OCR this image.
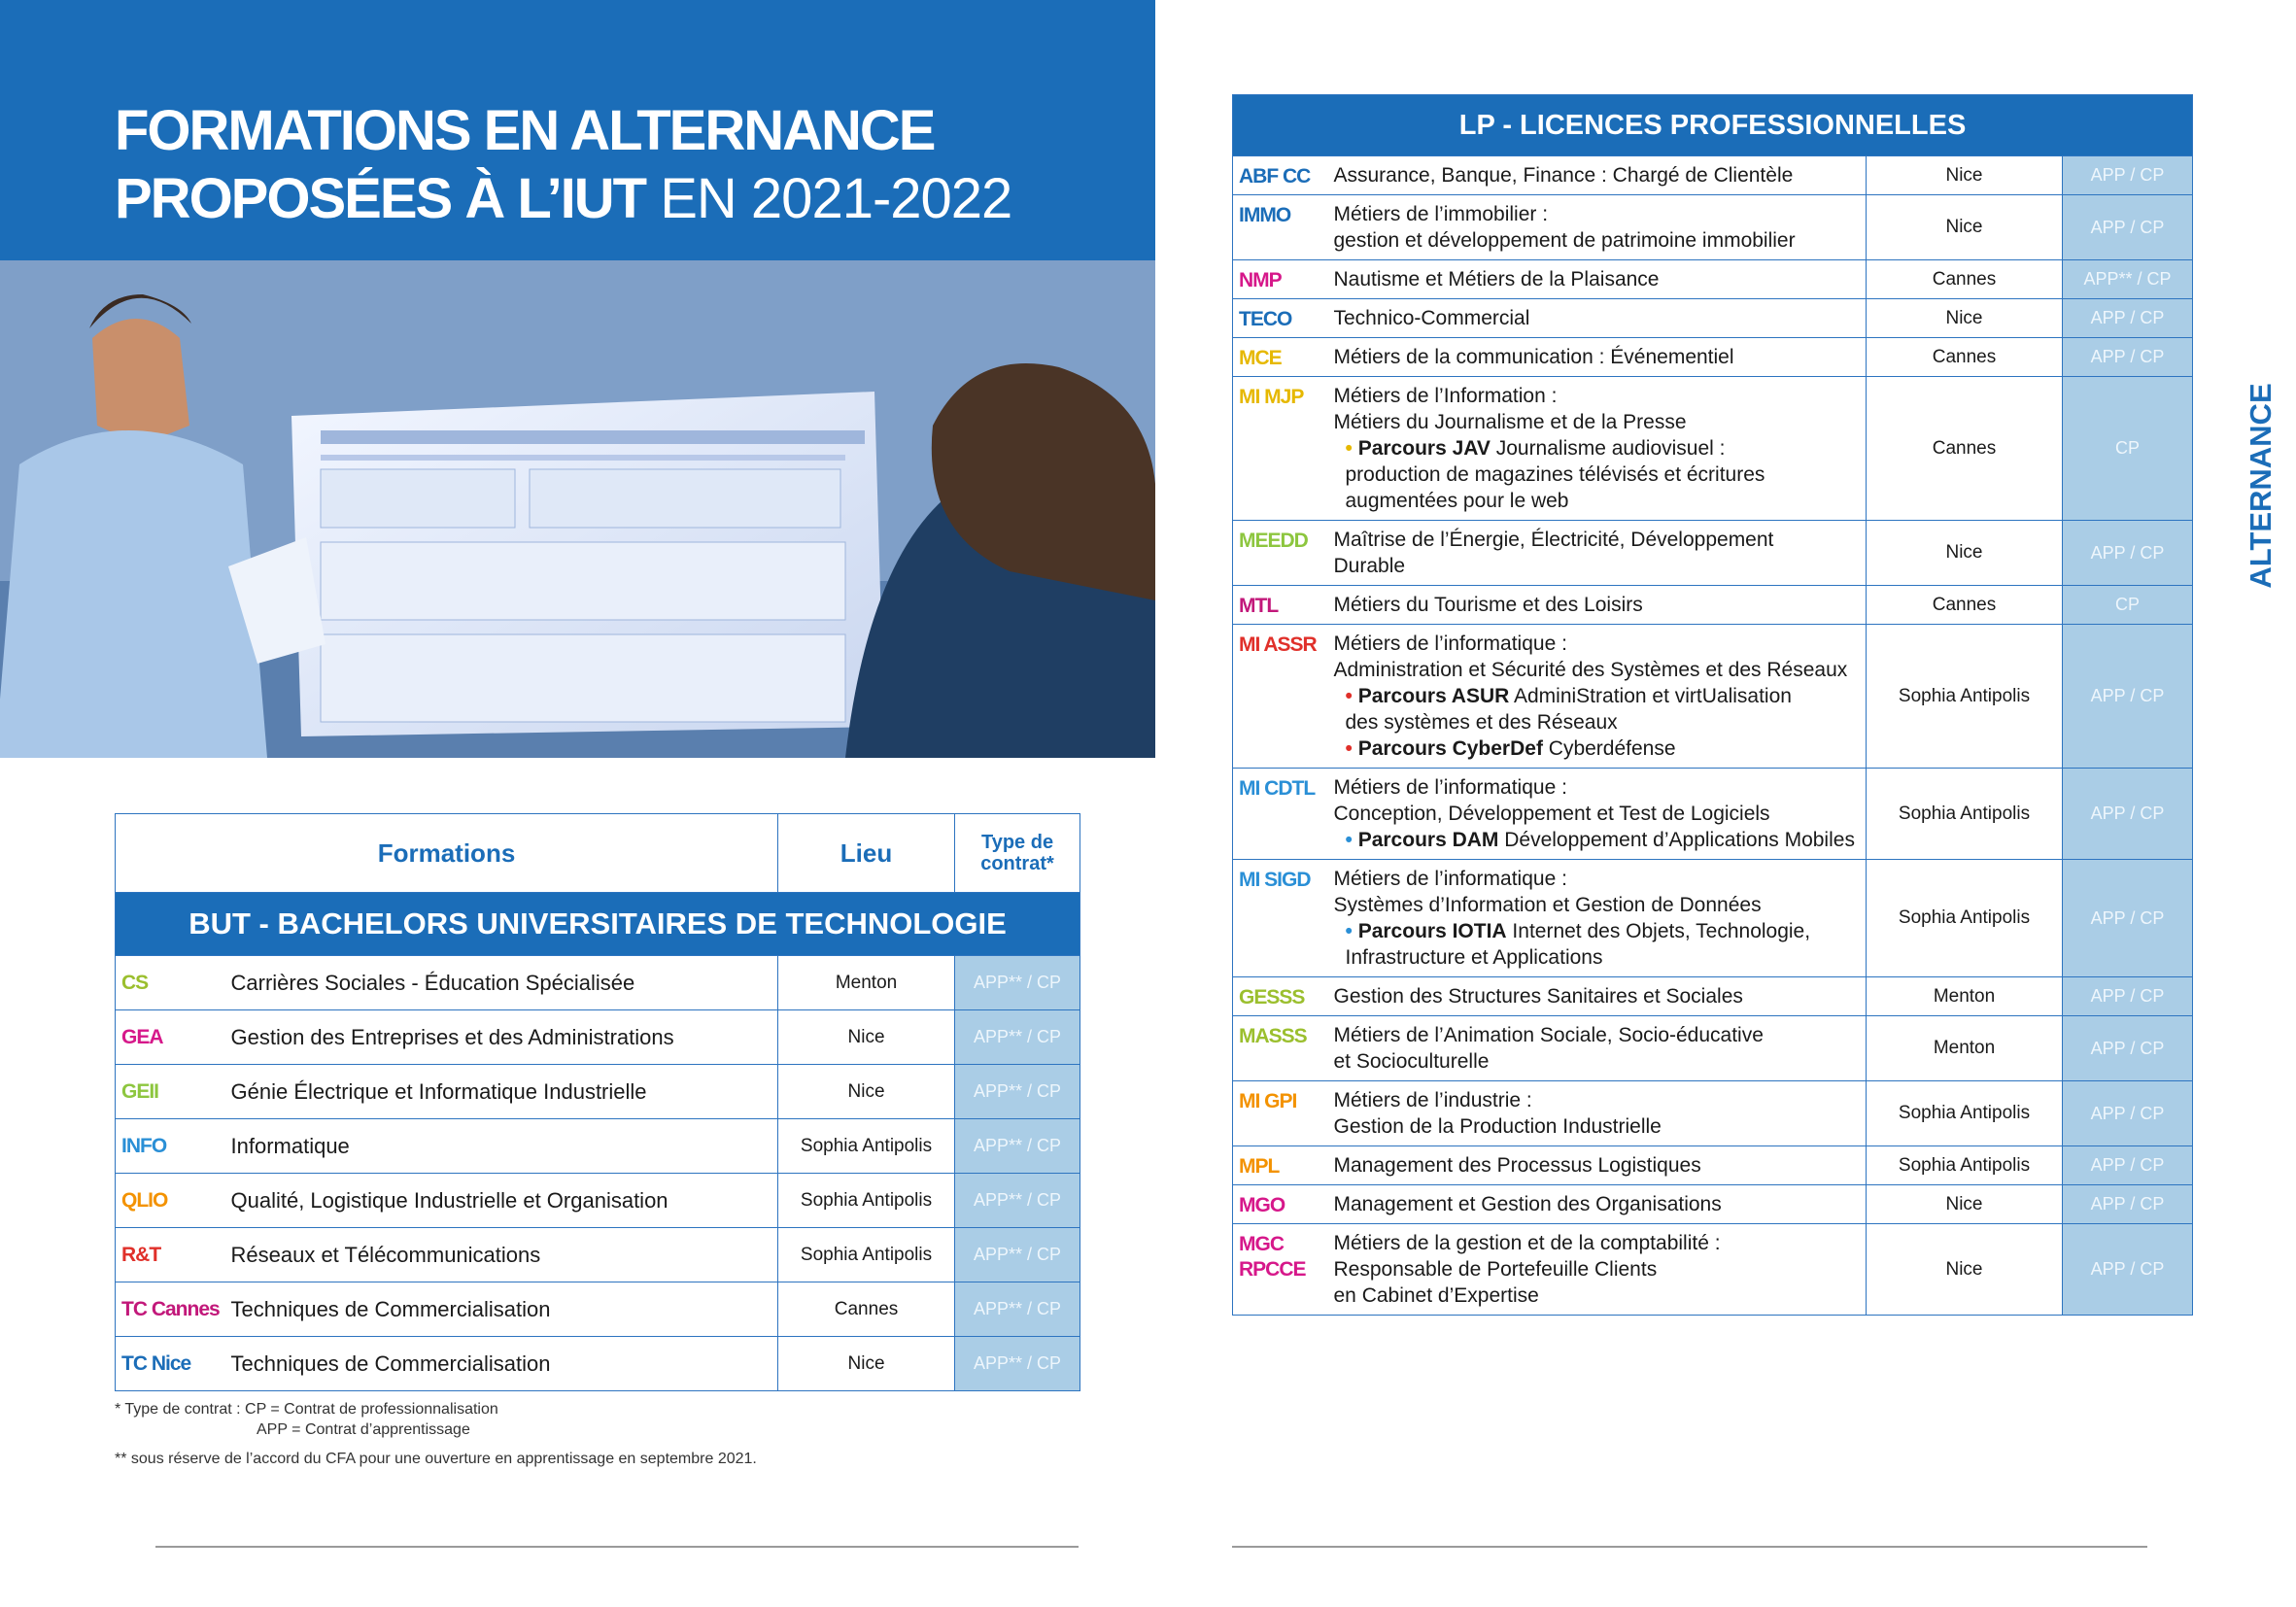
FORMATIONS EN ALTERNANCE
PROPOSÉES À L’IUT EN 2021-2022
Formations		Lieu	Type de
contrat*
BUT - BACHELORS UNIVERSITAIRES DE TECHNOLOGIE			
CS	Carrières Sociales - Éducation Spécialisée	Menton	APP** / CP
GEA	Gestion des Entreprises et des Administrations	Nice	APP** / CP
GEII	Génie Électrique et Informatique Industrielle	Nice	APP** / CP
INFO	Informatique	Sophia Antipolis	APP** / CP
QLIO	Qualité, Logistique Industrielle et Organisation	Sophia Antipolis	APP** / CP
R&T	Réseaux et Télécommunications	Sophia Antipolis	APP** / CP
TC Cannes	Techniques de Commercialisation	Cannes	APP** / CP
TC Nice	Techniques de Commercialisation	Nice	APP** / CP
LP - LICENCES PROFESSIONNELLES			
ABF CC	Assurance, Banque, Finance : Chargé de Clientèle	Nice	APP / CP
IMMO	Métiers de l’immobilier :
gestion et développement de patrimoine immobilier	Nice	APP / CP
NMP	Nautisme et Métiers de la Plaisance	Cannes	APP** / CP
TECO	Technico-Commercial	Nice	APP / CP
MCE	Métiers de la communication : Événementiel	Cannes	APP / CP
MI MJP	Métiers de l’Information :
Métiers du Journalisme et de la Presse
• Parcours JAV Journalisme audiovisuel :
production de magazines télévisés et écritures
augmentées pour le web	Cannes	CP
MEEDD	Maîtrise de l’Énergie, Électricité, Développement
Durable	Nice	APP / CP
MTL	Métiers du Tourisme et des Loisirs	Cannes	CP
MI ASSR	Métiers de l’informatique :
Administration et Sécurité des Systèmes et des Réseaux
• Parcours ASUR AdminiStration et virtUalisation
des systèmes et des Réseaux
• Parcours CyberDef Cyberdéfense	Sophia Antipolis	APP / CP
MI CDTL	Métiers de l’informatique :
Conception, Développement et Test de Logiciels
• Parcours DAM Développement d’Applications Mobiles	Sophia Antipolis	APP / CP
MI SIGD	Métiers de l’informatique :
Systèmes d’Information et Gestion de Données
• Parcours IOTIA Internet des Objets, Technologie,
Infrastructure et Applications	Sophia Antipolis	APP / CP
GESSS	Gestion des Structures Sanitaires et Sociales	Menton	APP / CP
MASSS	Métiers de l’Animation Sociale, Socio-éducative
et Socioculturelle	Menton	APP / CP
MI GPI	Métiers de l’industrie :
Gestion de la Production Industrielle	Sophia Antipolis	APP / CP
MPL	Management des Processus Logistiques	Sophia Antipolis	APP / CP
MGO	Management et Gestion des Organisations	Nice	APP / CP
MGC RPCCE	Métiers de la gestion et de la comptabilité :
Responsable de Portefeuille Clients
en Cabinet d’Expertise	Nice	APP / CP

* Type de contrat : CP = Contrat de professionnalisation

APP = Contrat d’apprentissage

** sous réserve de l’accord du CFA pour une ouverture en apprentissage en septembre 2021.

ALTERNANCE
